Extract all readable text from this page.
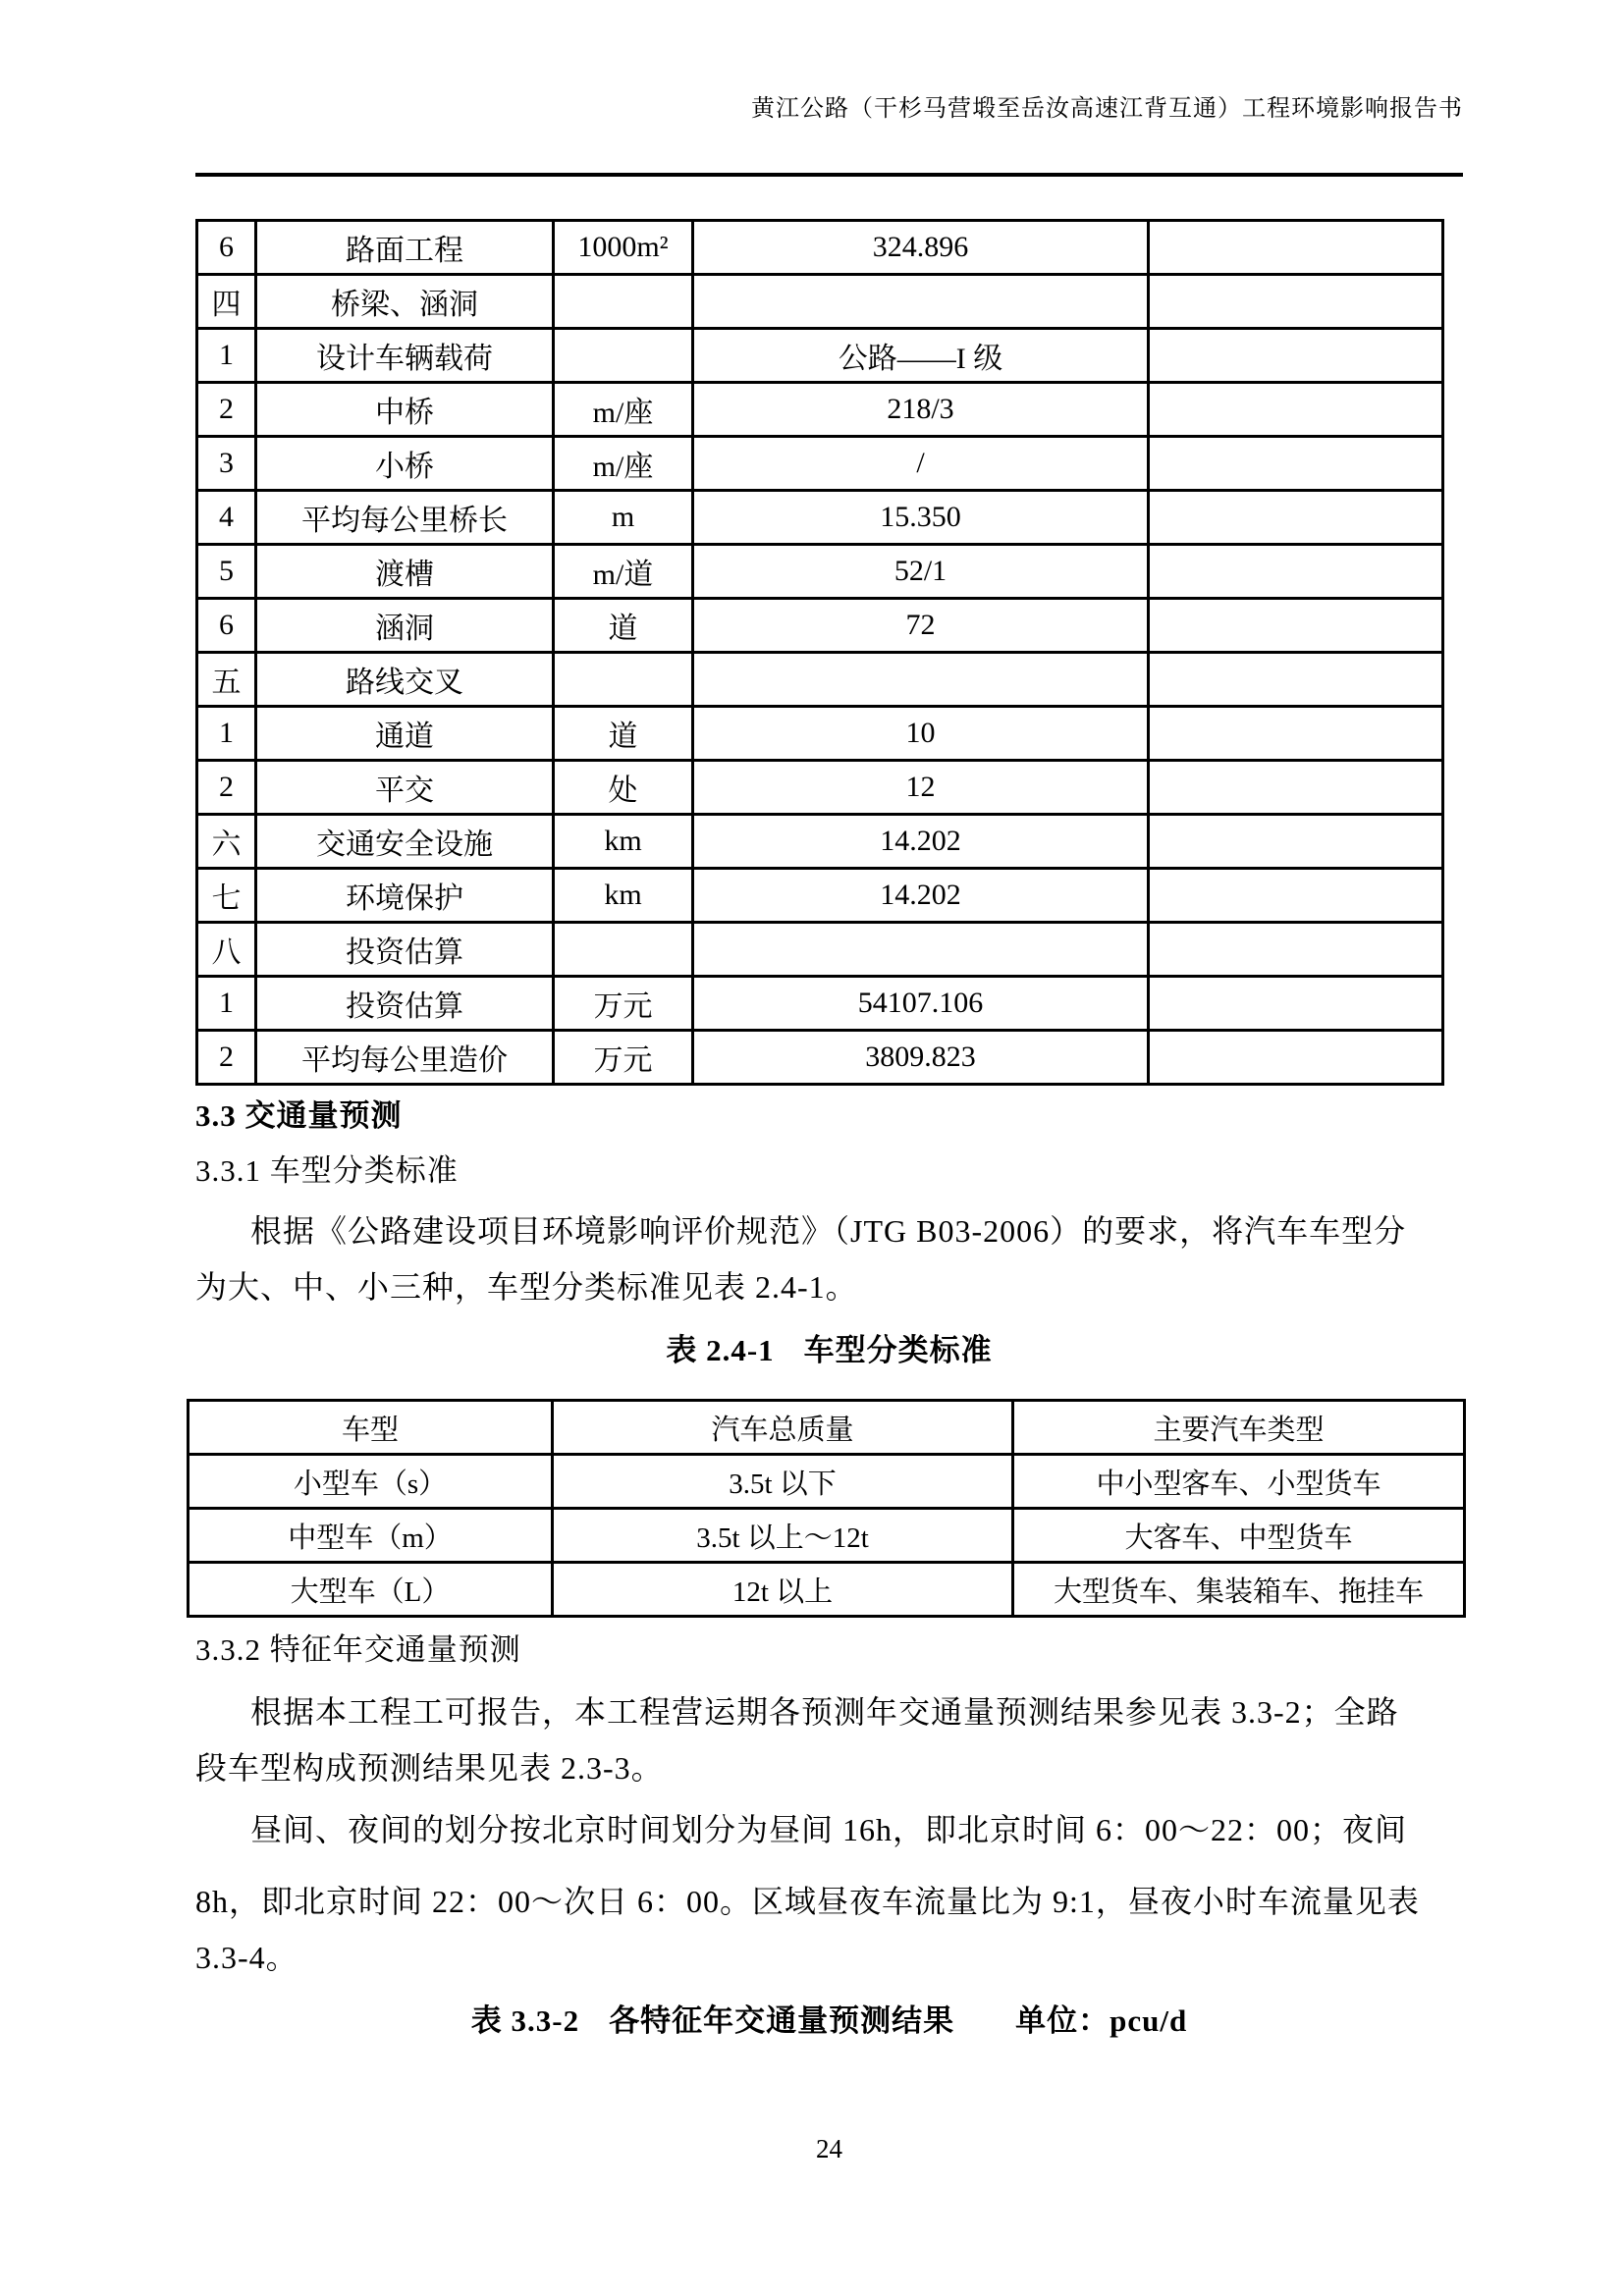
黄江公路（干杉马营塅至岳汝高速江背互通）工程环境影响报告书
6	路面工程	1000m²	324.896	
四	桥梁、涵洞			
1	设计车辆载荷		公路——I 级	
2	中桥	m/座	218/3	
3	小桥	m/座	/	
4	平均每公里桥长	m	15.350	
5	渡槽	m/道	52/1	
6	涵洞	道	72	
五	路线交叉			
1	通道	道	10	
2	平交	处	12	
六	交通安全设施	km	14.202	
七	环境保护	km	14.202	
八	投资估算			
1	投资估算	万元	54107.106	
2	平均每公里造价	万元	3809.823	
3.3 交通量预测
3.3.1 车型分类标准
根据《公路建设项目环境影响评价规范》（JTG B03-2006）的要求，将汽车车型分
为大、中、小三种，车型分类标准见表 2.4-1。
表 2.4-1 车型分类标准
车型	汽车总质量	主要汽车类型
小型车（s）	3.5t 以下	中小型客车、小型货车
中型车（m）	3.5t 以上～12t	大客车、中型货车
大型车（L）	12t 以上	大型货车、集装箱车、拖挂车
3.3.2 特征年交通量预测
根据本工程工可报告，本工程营运期各预测年交通量预测结果参见表 3.3-2；全路
段车型构成预测结果见表 2.3-3。
昼间、夜间的划分按北京时间划分为昼间 16h，即北京时间 6：00～22：00；夜间
8h，即北京时间 22：00～次日 6：00。区域昼夜车流量比为 9:1，昼夜小时车流量见表
3.3-4。
表 3.3-2 各特征年交通量预测结果 单位：pcu/d
24
